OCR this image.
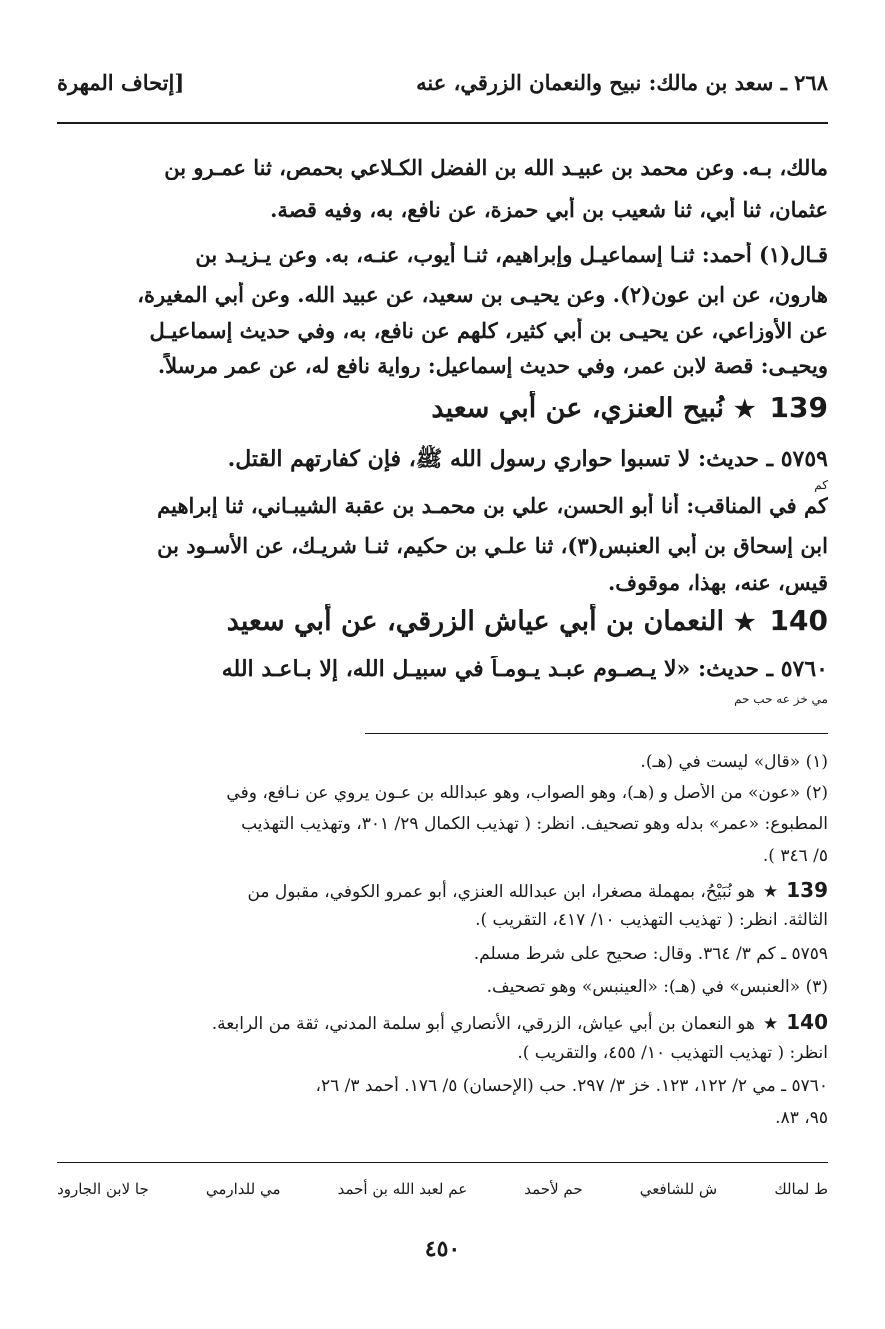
٢٦٨ ـ سعد بن مالك: نبيح والنعمان الزرقي، عنه
[إتحاف المهرة
مالك، بـه. وعن محمد بن عبيـد الله بن الفضل الكـلاعي بحمص، ثنا عمـرو بن
عثمان، ثنا أبي، ثنا شعيب بن أبي حمزة، عن نافع، به، وفيه قصة.
قـال(١) أحمد: ثنـا إسماعيـل وإبراهيم، ثنـا أيوب، عنـه، به. وعن يـزيـد بن
هارون، عن ابن عون(٢). وعن يحيـى بن سعيد، عن عبيد الله. وعن أبي المغيرة،
عن الأوزاعي، عن يحيـى بن أبي كثير، كلهم عن نافع، به، وفي حديث إسماعيـل
ويحيـى: قصة لابن عمر، وفي حديث إسماعيل: رواية نافع له، عن عمر مرسلاً.
139★نُبيح العنزي، عن أبي سعيد
٥٧٥٩ ـ حديث: لا تسبوا حواري رسول الله ﷺ، فإن كفارتهم القتل.
كم
كم في المناقب: أنا أبو الحسن، علي بن محمـد بن عقبة الشيبـاني، ثنا إبراهيم
ابن إسحاق بن أبي العنبس(٣)، ثنا علـي بن حكيم، ثنـا شريـك، عن الأسـود بن
قيس، عنه، بهذا، موقوف.
140★النعمان بن أبي عياش الزرقي، عن أبي سعيد
٥٧٦٠ ـ حديث: «لا يـصـوم عبـد يـومـاً في سبيـل الله، إلا بـاعـد الله
مي خز عه حب حم
(١) «قال» ليست في (هـ).
(٢) «عون» من الأصل و (هـ)، وهو الصواب، وهو عبدالله بن عـون يروي عن نـافع، وفي
المطبوع: «عمر» بدله وهو تصحيف. انظر: ( تهذيب الكمال ٢٩/ ٣٠١، وتهذيب التهذيب
٥/ ٣٤٦ ).
139★هو نُبَيْحُ، بمهملة مصغرا، ابن عبدالله العنزي، أبو عمرو الكوفي، مقبول من
الثالثة. انظر: ( تهذيب التهذيب ١٠/ ٤١٧، التقريب ).
٥٧٥٩ ـ كم ٣/ ٣٦٤. وقال: صحيح على شرط مسلم.
(٣) «العنبس» في (هـ): «العينبس» وهو تصحيف.
140★هو النعمان بن أبي عياش، الزرقي، الأنصاري أبو سلمة المدني، ثقة من الرابعة.
انظر: ( تهذيب التهذيب ١٠/ ٤٥٥، والتقريب ).
٥٧٦٠ ـ مي ٢/ ١٢٢، ١٢٣. خز ٣/ ٢٩٧. حب (الإحسان) ٥/ ١٧٦. أحمد ٣/ ٢٦،
٩٥، ٨٣.
ط لمالك
ش للشافعي
حم لأحمد
عم لعبد الله بن أحمد
مي للدارمي
جا لابن الجارود
٤٥٠
